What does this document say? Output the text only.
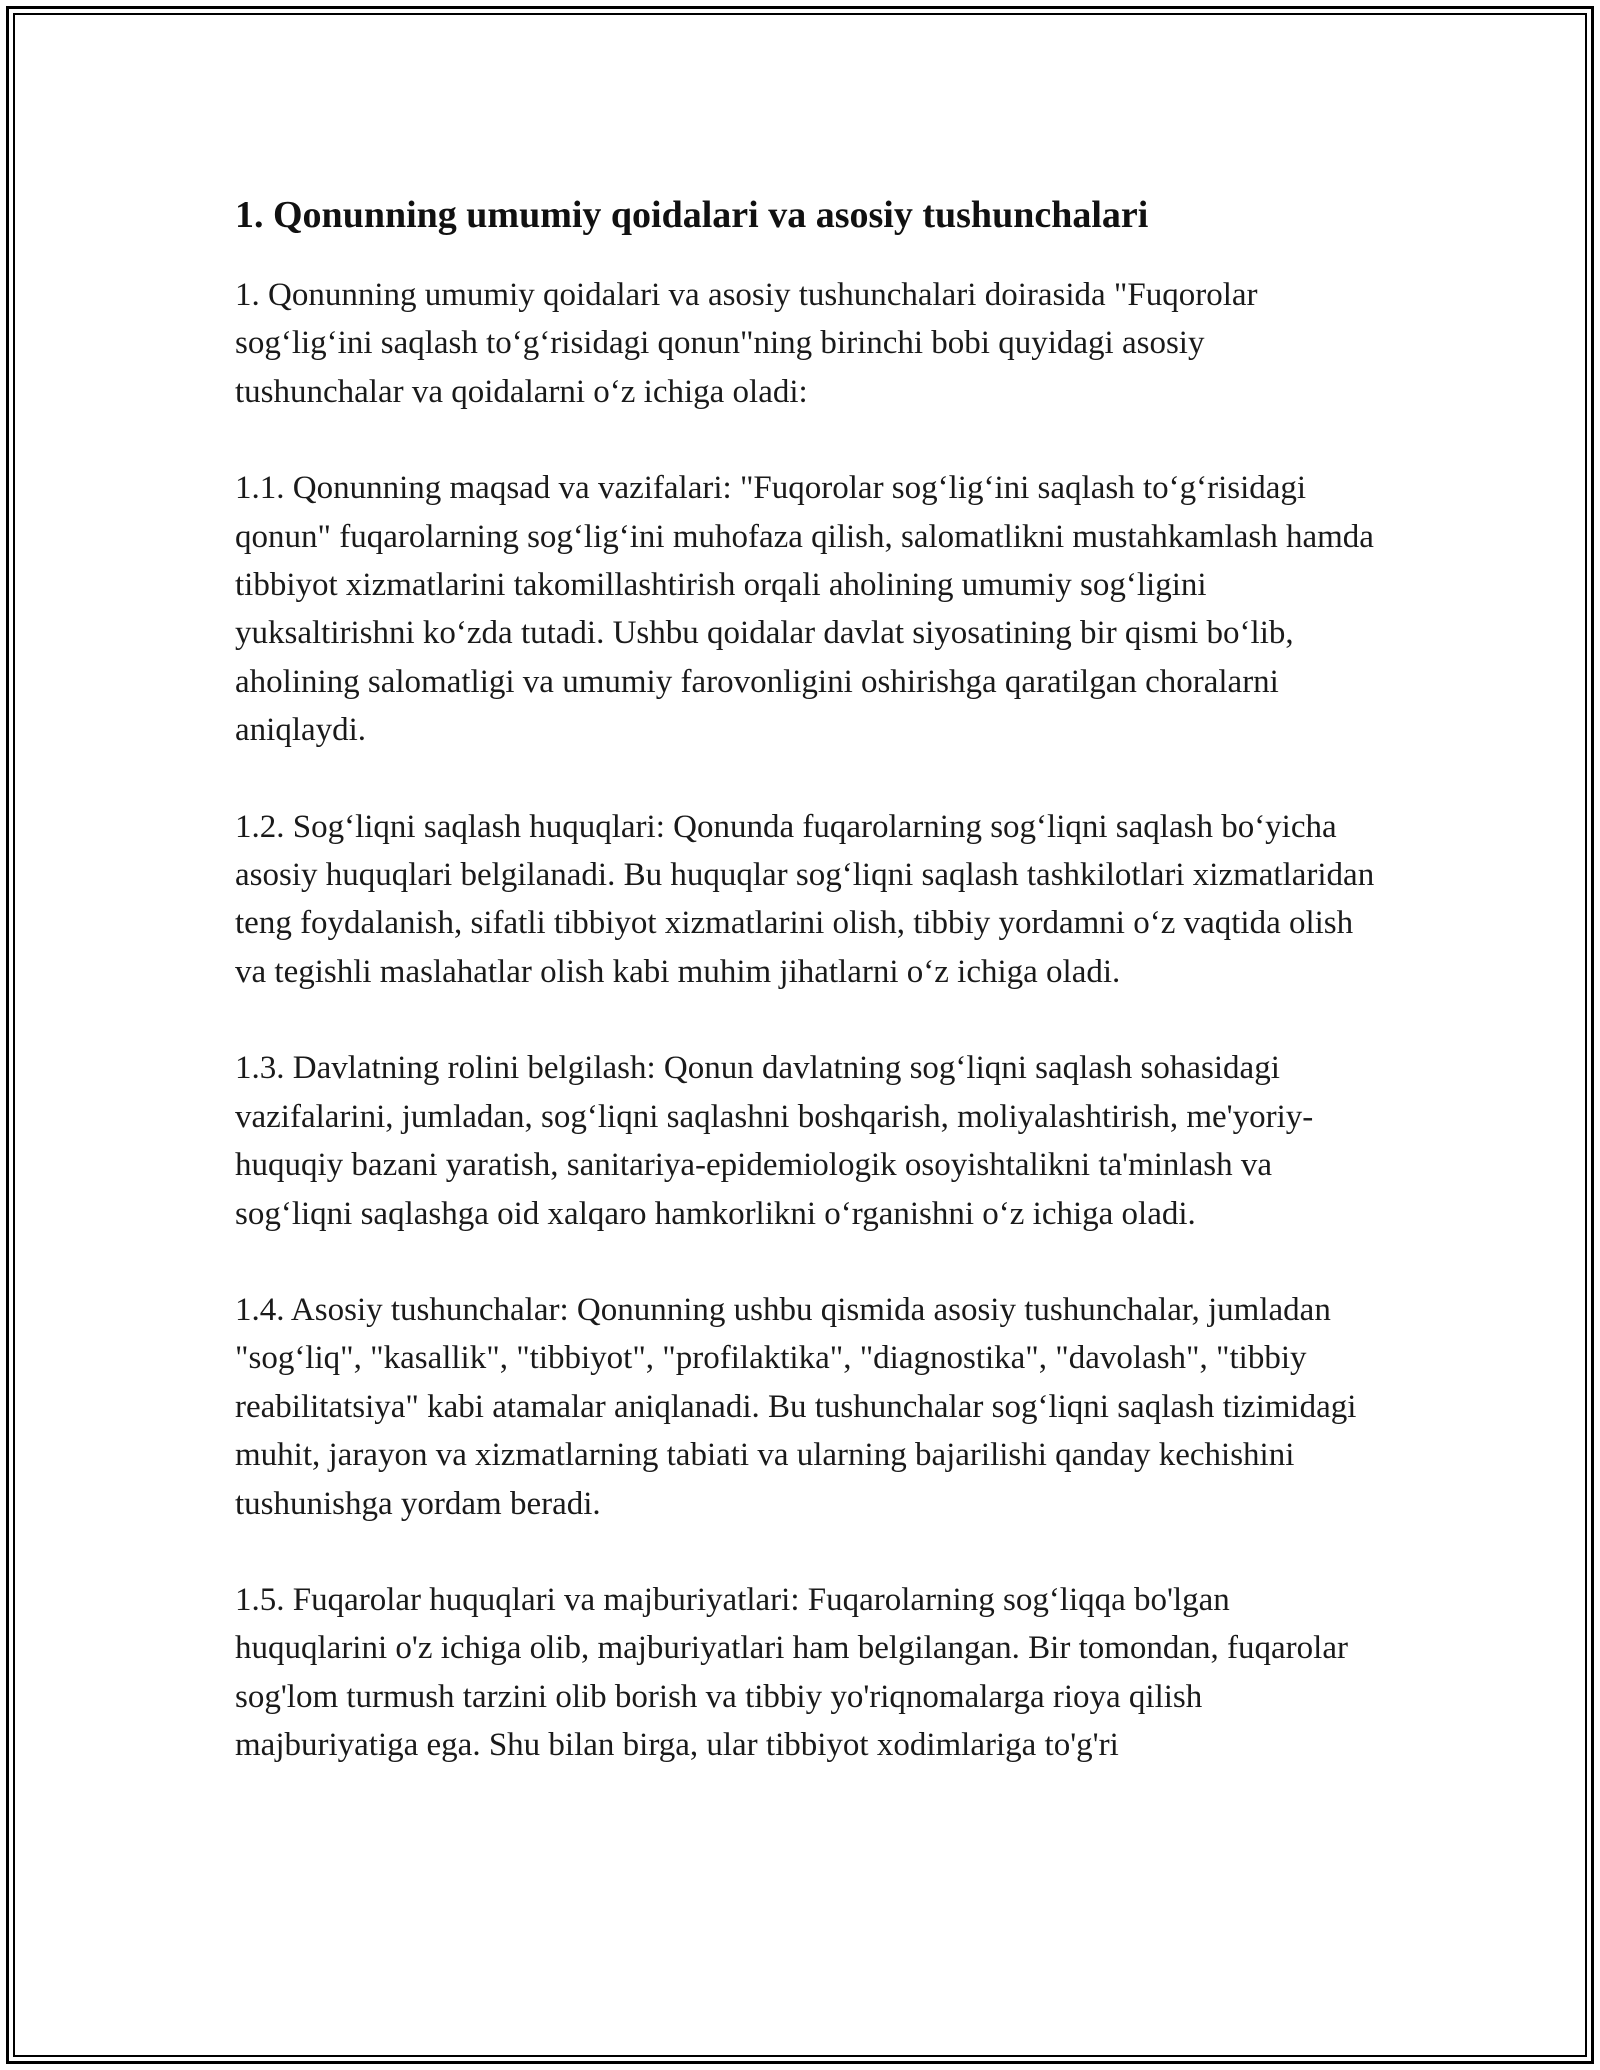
1. Qonunning umumiy qoidalari va asosiy tushunchalari

1. Qonunning umumiy qoidalari va asosiy tushunchalari doirasida "Fuqorolar sog‘lig‘ini saqlash to‘g‘risidagi qonun"ning birinchi bobi quyidagi asosiy tushunchalar va qoidalarni o‘z ichiga oladi:

1.1. Qonunning maqsad va vazifalari: "Fuqorolar sog‘lig‘ini saqlash to‘g‘risidagi qonun" fuqarolarning sog‘lig‘ini muhofaza qilish, salomatlikni mustahkamlash hamda tibbiyot xizmatlarini takomillashtirish orqali aholining umumiy sog‘ligini yuksaltirishni ko‘zda tutadi. Ushbu qoidalar davlat siyosatining bir qismi bo‘lib, aholining salomatligi va umumiy farovonligini oshirishga qaratilgan choralarni aniqlaydi.

1.2. Sog‘liqni saqlash huquqlari: Qonunda fuqarolarning sog‘liqni saqlash bo‘yicha asosiy huquqlari belgilanadi. Bu huquqlar sog‘liqni saqlash tashkilotlari xizmatlaridan teng foydalanish, sifatli tibbiyot xizmatlarini olish, tibbiy yordamni o‘z vaqtida olish va tegishli maslahatlar olish kabi muhim jihatlarni o‘z ichiga oladi.

1.3. Davlatning rolini belgilash: Qonun davlatning sog‘liqni saqlash sohasidagi vazifalarini, jumladan, sog‘liqni saqlashni boshqarish, moliyalashtirish, me'yoriy-huquqiy bazani yaratish, sanitariya-epidemiologik osoyishtalikni ta'minlash va sog‘liqni saqlashga oid xalqaro hamkorlikni o‘rganishni o‘z ichiga oladi.

1.4. Asosiy tushunchalar: Qonunning ushbu qismida asosiy tushunchalar, jumladan "sog‘liq", "kasallik", "tibbiyot", "profilaktika", "diagnostika", "davolash", "tibbiy reabilitatsiya" kabi atamalar aniqlanadi. Bu tushunchalar sog‘liqni saqlash tizimidagi muhit, jarayon va xizmatlarning tabiati va ularning bajarilishi qanday kechishini tushunishga yordam beradi.

1.5. Fuqarolar huquqlari va majburiyatlari: Fuqarolarning sog‘liqqa bo'lgan huquqlarini o'z ichiga olib, majburiyatlari ham belgilangan. Bir tomondan, fuqarolar sog'lom turmush tarzini olib borish va tibbiy yo'riqnomalarga rioya qilish majburiyatiga ega. Shu bilan birga, ular tibbiyot xodimlariga to'g'ri
